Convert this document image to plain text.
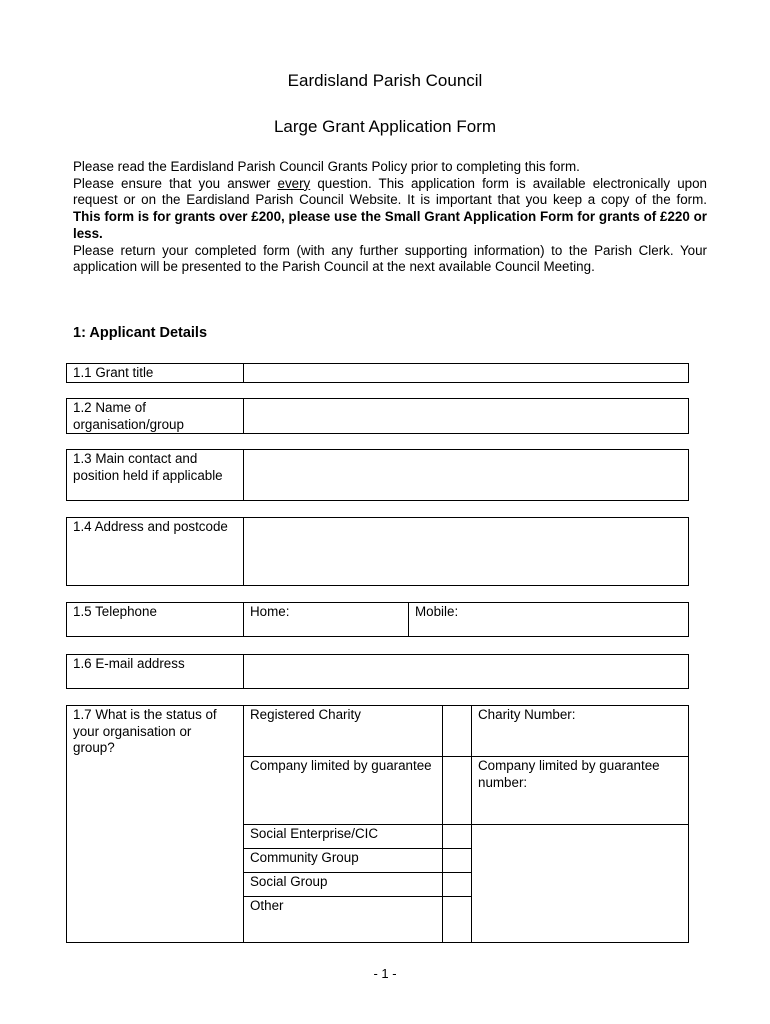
Eardisland Parish Council
Large Grant Application Form

Please read the Eardisland Parish Council Grants Policy prior to completing this form.

Please ensure that you answer every question. This application form is available electronically upon request or on the Eardisland Parish Council Website. It is important that you keep a copy of the form.

This form is for grants over £200, please use the Small Grant Application Form for grants of £220 or less.

Please return your completed form (with any further supporting information) to the Parish Clerk. Your application will be presented to the Parish Council at the next available Council Meeting.

1: Applicant Details
1.1 Grant title	
1.2 Name of organisation/group	
1.3 Main contact and position held if applicable	
1.4 Address and postcode	
1.5 Telephone	Home:	Mobile:
1.6 E-mail address	
1.7 What is the status of your organisation or group?	Registered Charity		Charity Number:
	Company limited by guarantee		Company limited by guarantee number:
	Social Enterprise/CIC		
	Community Group		
	Social Group		
	Other		
- 1 -
